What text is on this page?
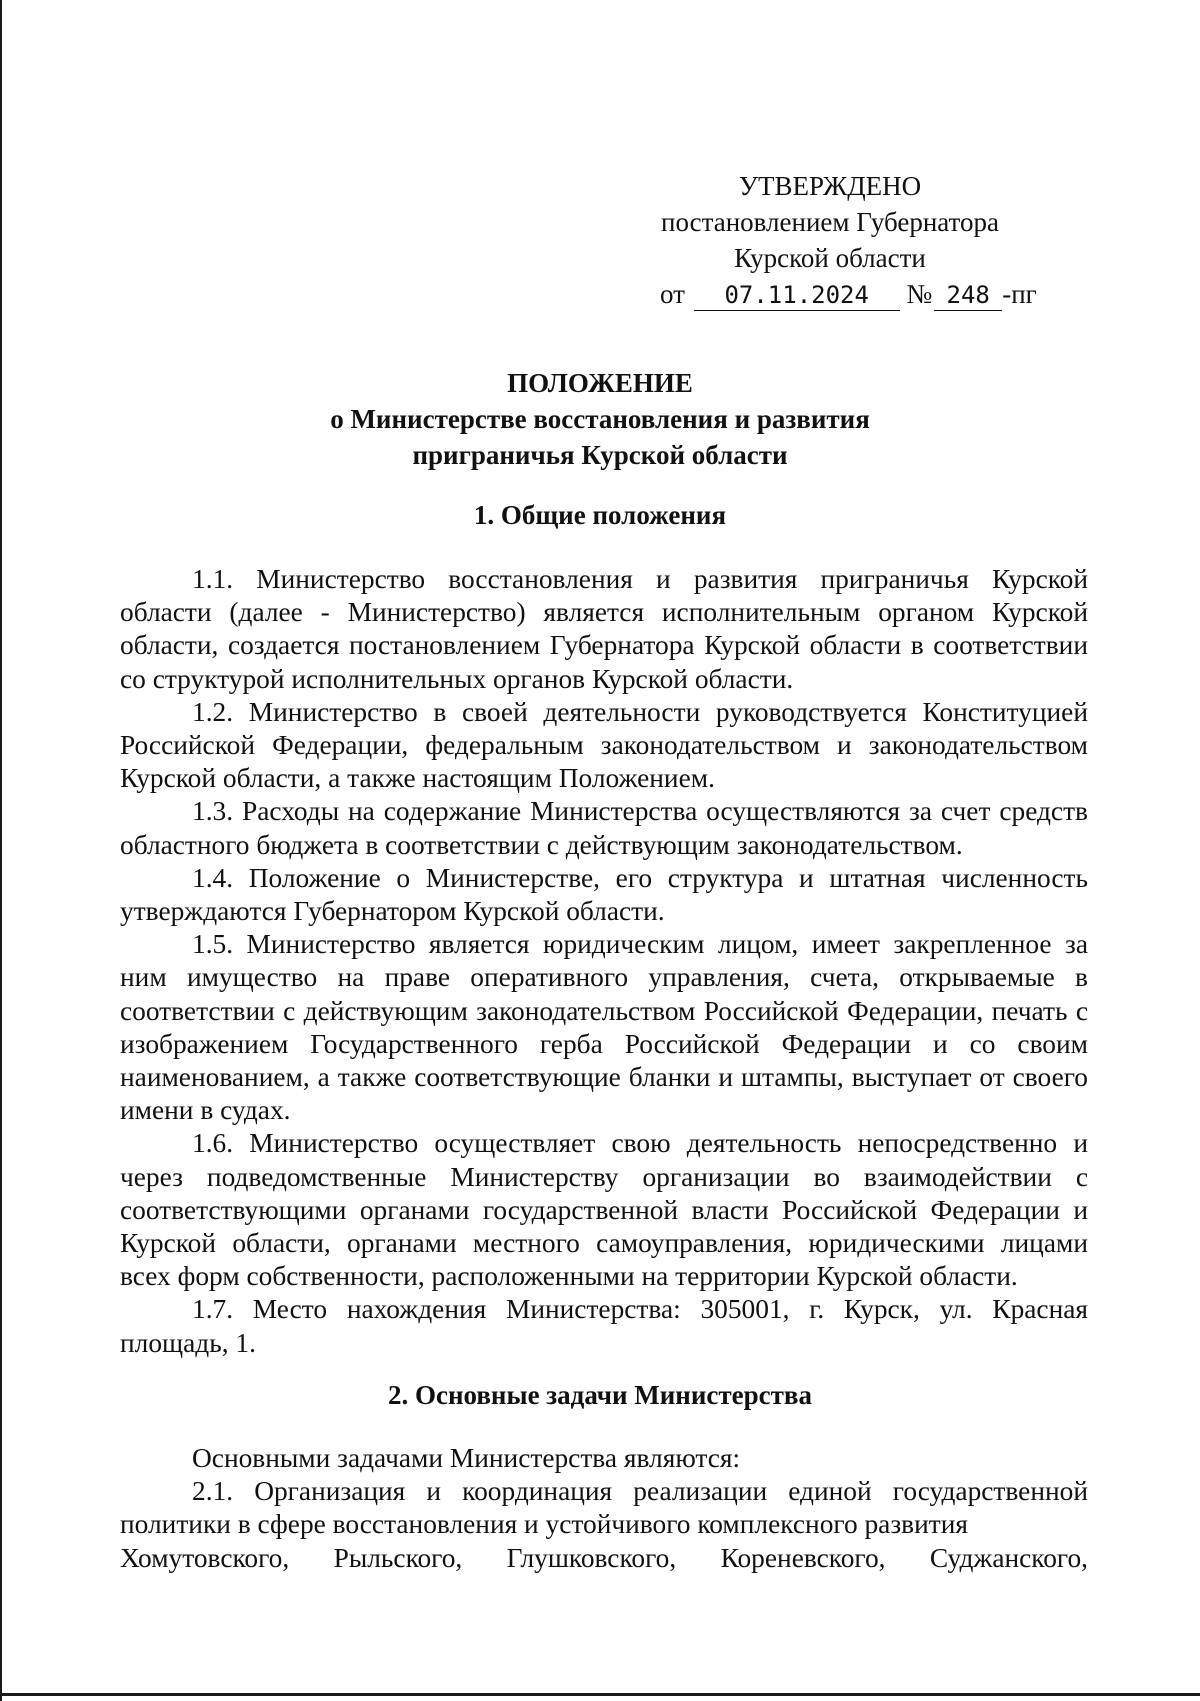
УТВЕРЖДЕНО
постановлением Губернатора
Курской области
от 07.11.2024 № 248 -пг
ПОЛОЖЕНИЕ
о Министерстве восстановления и развития
приграничья Курской области
1. Общие положения

1.1. Министерство восстановления и развития приграничья Курской области (далее - Министерство) является исполнительным органом Курской области, создается постановлением Губернатора Курской области в соответствии со структурой исполнительных органов Курской области.

1.2. Министерство в своей деятельности руководствуется Конституцией Российской Федерации, федеральным законодательством и законодательством Курской области, а также настоящим Положением.

1.3. Расходы на содержание Министерства осуществляются за счет средств областного бюджета в соответствии с действующим законодательством.

1.4. Положение о Министерстве, его структура и штатная численность утверждаются Губернатором Курской области.

1.5. Министерство является юридическим лицом, имеет закрепленное за ним имущество на праве оперативного управления, счета, открываемые в соответствии с действующим законодательством Российской Федерации, печать с изображением Государственного герба Российской Федерации и со своим наименованием, а также соответствующие бланки и штампы, выступает от своего имени в судах.

1.6. Министерство осуществляет свою деятельность непосредственно и через подведомственные Министерству организации во взаимодействии с соответствующими органами государственной власти Российской Федерации и Курской области, органами местного самоуправления, юридическими лицами всех форм собственности, расположенными на территории Курской области.

1.7. Место нахождения Министерства: 305001, г. Курск, ул. Красная площадь, 1.

2. Основные задачи Министерства

Основными задачами Министерства являются:

2.1. Организация и координация реализации единой государственной политики в сфере восстановления и устойчивого комплексного развития

Хомутовского, Рыльского, Глушковского, Кореневского, Суджанского,
